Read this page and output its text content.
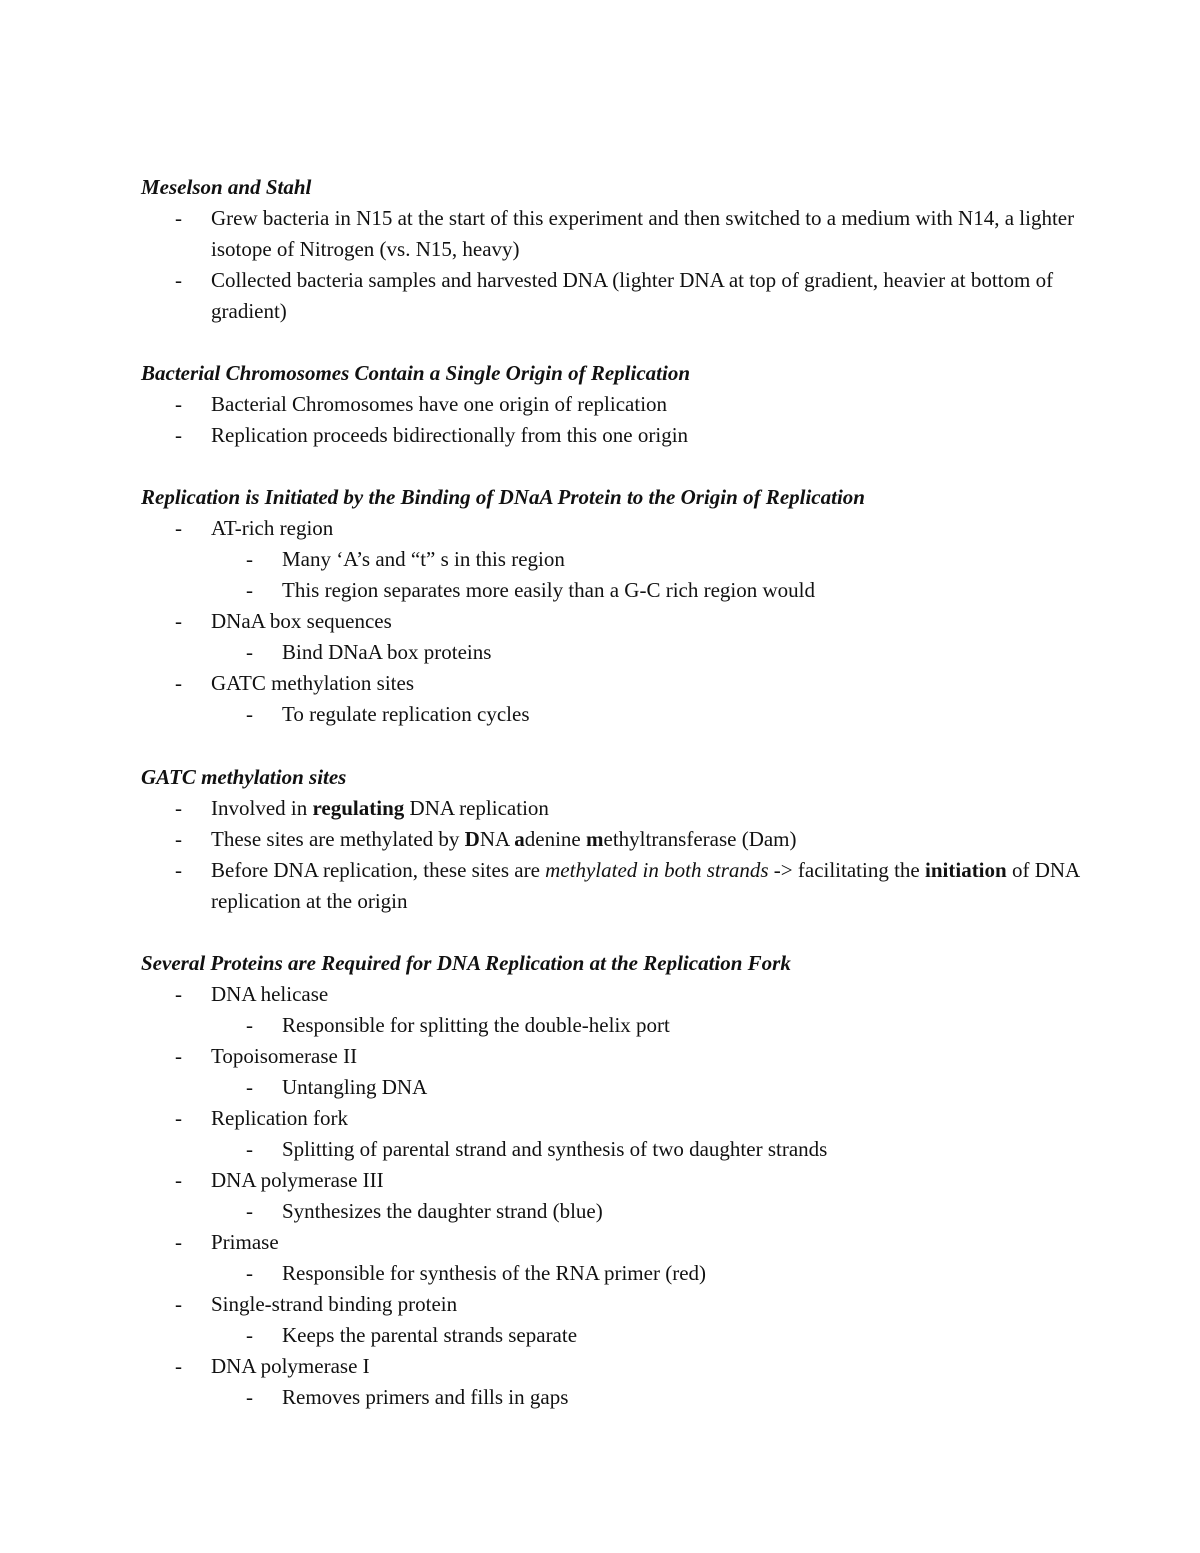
Meselson and Stahl
- Grew bacteria in N15 at the start of this experiment and then switched to a medium with N14, a lighter isotope of Nitrogen (vs. N15, heavy)
- Collected bacteria samples and harvested DNA (lighter DNA at top of gradient, heavier at bottom of gradient)
Bacterial Chromosomes Contain a Single Origin of Replication
- Bacterial Chromosomes have one origin of replication
- Replication proceeds bidirectionally from this one origin
Replication is Initiated by the Binding of DNaA Protein to the Origin of Replication
- AT-rich region
- Many ‘A’s and “t” s in this region
- This region separates more easily than a G-C rich region would
- DNaA box sequences
- Bind DNaA box proteins
- GATC methylation sites
- To regulate replication cycles
GATC methylation sites
- Involved in regulating DNA replication
- These sites are methylated by DNA adenine methyltransferase (Dam)
- Before DNA replication, these sites are methylated in both strands -> facilitating the initiation of DNA replication at the origin
Several Proteins are Required for DNA Replication at the Replication Fork
- DNA helicase
- Responsible for splitting the double-helix port
- Topoisomerase II
- Untangling DNA
- Replication fork
- Splitting of parental strand and synthesis of two daughter strands
- DNA polymerase III
- Synthesizes the daughter strand (blue)
- Primase
- Responsible for synthesis of the RNA primer (red)
- Single-strand binding protein
- Keeps the parental strands separate
- DNA polymerase I
- Removes primers and fills in gaps
